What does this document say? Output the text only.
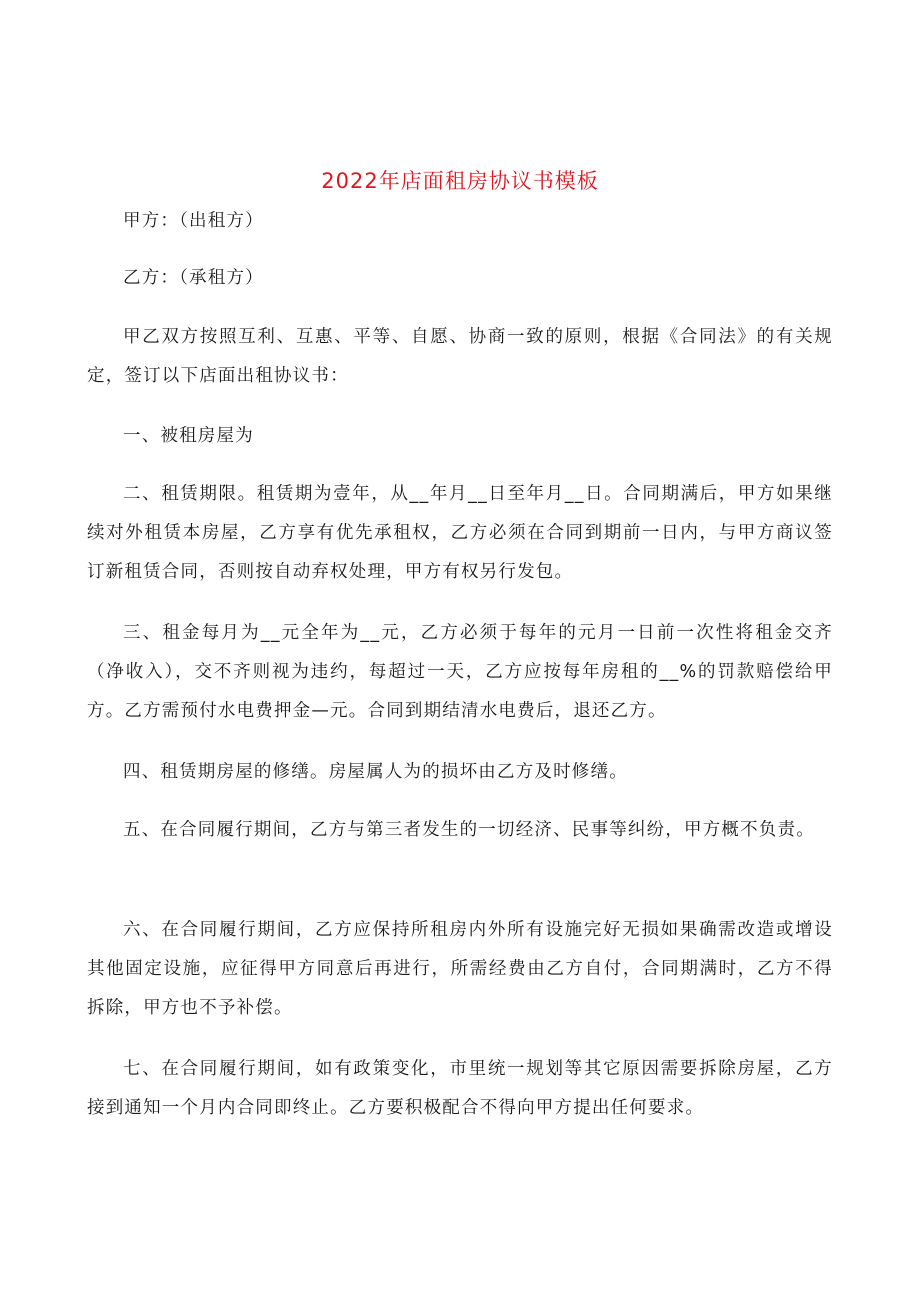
2022年店面租房协议书模板

甲方：（出租方）

乙方：（承租方）

甲乙双方按照互利、互惠、平等、自愿、协商一致的原则，根据《合同法》的有关规定，签订以下店面出租协议书：

一、被租房屋为

二、租赁期限。租赁期为壹年，从__年月__日至年月__日。合同期满后，甲方如果继续对外租赁本房屋，乙方享有优先承租权，乙方必须在合同到期前一日内，与甲方商议签订新租赁合同，否则按自动弃权处理，甲方有权另行发包。

三、租金每月为__元全年为__元，乙方必须于每年的元月一日前一次性将租金交齐（净收入），交不齐则视为违约，每超过一天，乙方应按每年房租的__%的罚款赔偿给甲方。乙方需预付水电费押金—元。合同到期结清水电费后，退还乙方。

四、租赁期房屋的修缮。房屋属人为的损坏由乙方及时修缮。

五、在合同履行期间，乙方与第三者发生的一切经济、民事等纠纷，甲方概不负责。

六、在合同履行期间，乙方应保持所租房内外所有设施完好无损如果确需改造或增设其他固定设施，应征得甲方同意后再进行，所需经费由乙方自付，合同期满时，乙方不得拆除，甲方也不予补偿。

七、在合同履行期间，如有政策变化，市里统一规划等其它原因需要拆除房屋，乙方接到通知一个月内合同即终止。乙方要积极配合不得向甲方提出任何要求。
